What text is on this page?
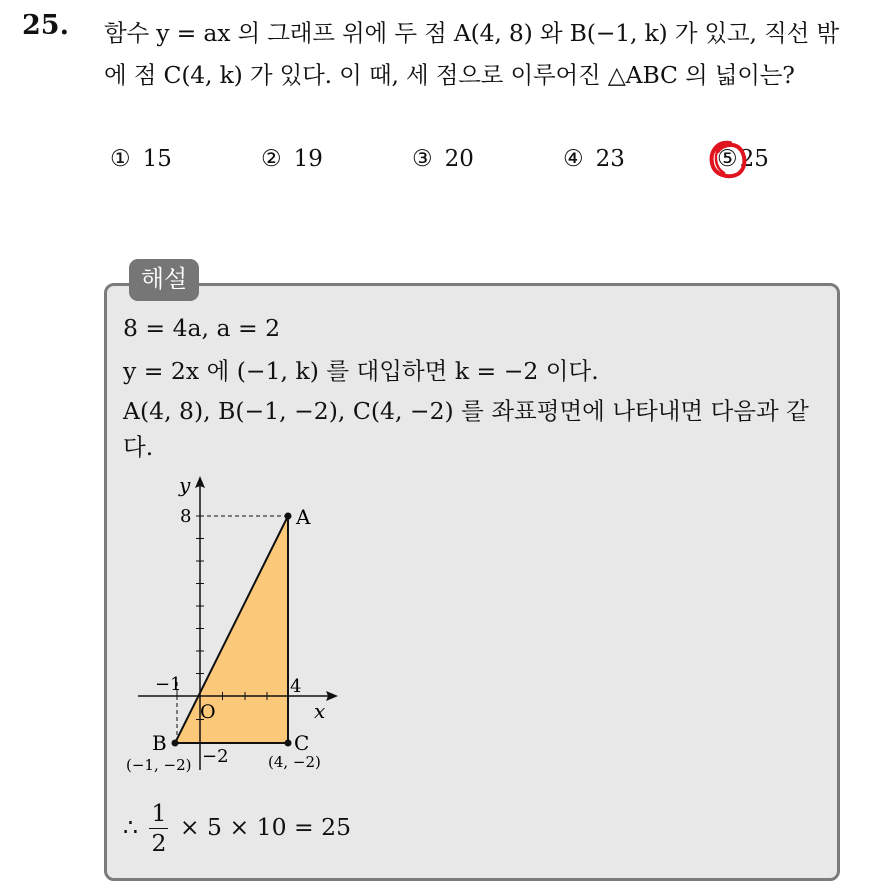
25. 함수 y = ax 의 그래프 위에 두 점 A(4, 8) 와 B(−1, k) 가 있고, 직선 밖
에 점 C(4, k) 가 있다. 이 때, 세 점으로 이루어진 △ABC 의 넓이는?
① 15	② 19	③ 20	④ 23	⑤25
해설
8 = 4a, a = 2
y = 2x 에 (−1, k) 를 대입하면 k = −2 이다.
A(4, 8), B(−1, −2), C(4, −2) 를 좌표평면에 나타내면 다음과 같
다.
y
x
O
8
−1	4
−2
A
B	C
(−1, −2)	(4, −2)
∴ $\frac{1}{2} \times 5 \times 10 = 25$
